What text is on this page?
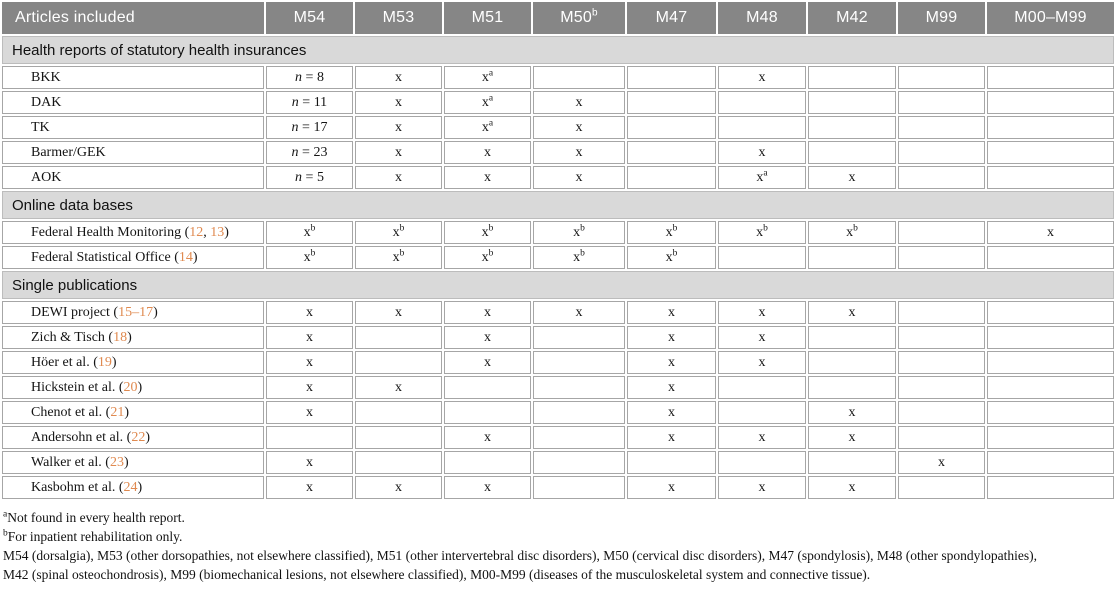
Articles included	M54	M53	M51	M50$^b$	M47	M48	M42	M99	M00–M99
Health reports of statutory health insurances									
BKK	n = 8	x	$x^a$			x			
DAK	n = 11	x	$x^a$	x					
TK	n = 17	x	$x^a$	x					
Barmer/GEK	n = 23	x	x	x		x			
AOK	n = 5	x	x	x		$x^a$	x		
Online data bases									
Federal Health Monitoring (12, 13)	$x^b$	$x^b$	$x^b$	$x^b$	$x^b$	$x^b$	$x^b$		x
Federal Statistical Office (14)	$x^b$	$x^b$	$x^b$	$x^b$	$x^b$				
Single publications									
DEWI project (15–17)	x	x	x	x	x	x	x		
Zich & Tisch (18)	x		x		x	x			
Höer et al. (19)	x		x		x	x			
Hickstein et al. (20)	x	x			x				
Chenot et al. (21)	x				x		x		
Andersohn et al. (22)			x		x	x	x		
Walker et al. (23)	x							x	
Kasbohm et al. (24)	x	x	x		x	x	x		

$^a$Not found in every health report.

$^b$For inpatient rehabilitation only.

M54 (dorsalgia), M53 (other dorsopathies, not elsewhere classified), M51 (other intervertebral disc disorders), M50 (cervical disc disorders), M47 (spondylosis), M48 (other spondylopathies),

M42 (spinal osteochondrosis), M99 (biomechanical lesions, not elsewhere classified), M00-M99 (diseases of the musculoskeletal system and connective tissue).
